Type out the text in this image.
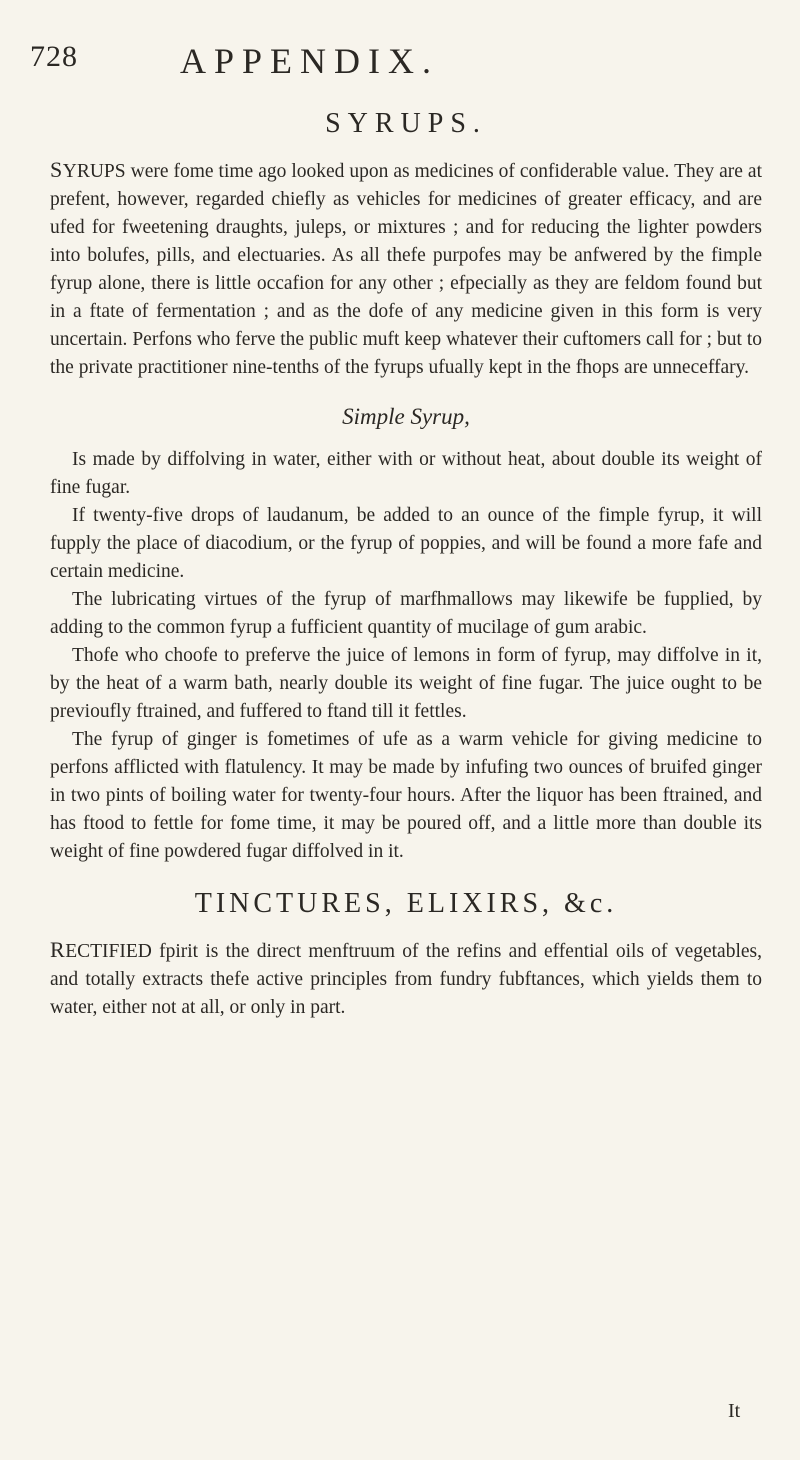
728	APPENDIX.
SYRUPS.

SYRUPS were fome time ago looked upon as medicines of confiderable value. They are at prefent, however, regarded chiefly as vehicles for medicines of greater efficacy, and are ufed for fweetening draughts, juleps, or mixtures ; and for reducing the lighter powders into bolufes, pills, and electuaries. As all thefe purpofes may be anfwered by the fimple fyrup alone, there is little occafion for any other ; efpecially as they are feldom found but in a ftate of fermentation ; and as the dofe of any medicine given in this form is very uncertain. Perfons who ferve the public muft keep whatever their cuftomers call for ; but to the private practitioner nine-tenths of the fyrups ufually kept in the fhops are unneceffary.

Simple Syrup,

Is made by diffolving in water, either with or without heat, about double its weight of fine fugar.

If twenty-five drops of laudanum, be added to an ounce of the fimple fyrup, it will fupply the place of diacodium, or the fyrup of poppies, and will be found a more fafe and certain medicine.

The lubricating virtues of the fyrup of marfhmallows may likewife be fupplied, by adding to the common fyrup a fufficient quantity of mucilage of gum arabic.

Thofe who choofe to preferve the juice of lemons in form of fyrup, may diffolve in it, by the heat of a warm bath, nearly double its weight of fine fugar. The juice ought to be previoufly ftrained, and fuffered to ftand till it fettles.

The fyrup of ginger is fometimes of ufe as a warm vehicle for giving medicine to perfons afflicted with flatulency. It may be made by infufing two ounces of bruifed ginger in two pints of boiling water for twenty-four hours. After the liquor has been ftrained, and has ftood to fettle for fome time, it may be poured off, and a little more than double its weight of fine powdered fugar diffolved in it.

TINCTURES, ELIXIRS, &c.

RECTIFIED fpirit is the direct menftruum of the refins and effential oils of vegetables, and totally extracts thefe active principles from fundry fubftances, which yields them to water, either not at all, or only in part.

It
